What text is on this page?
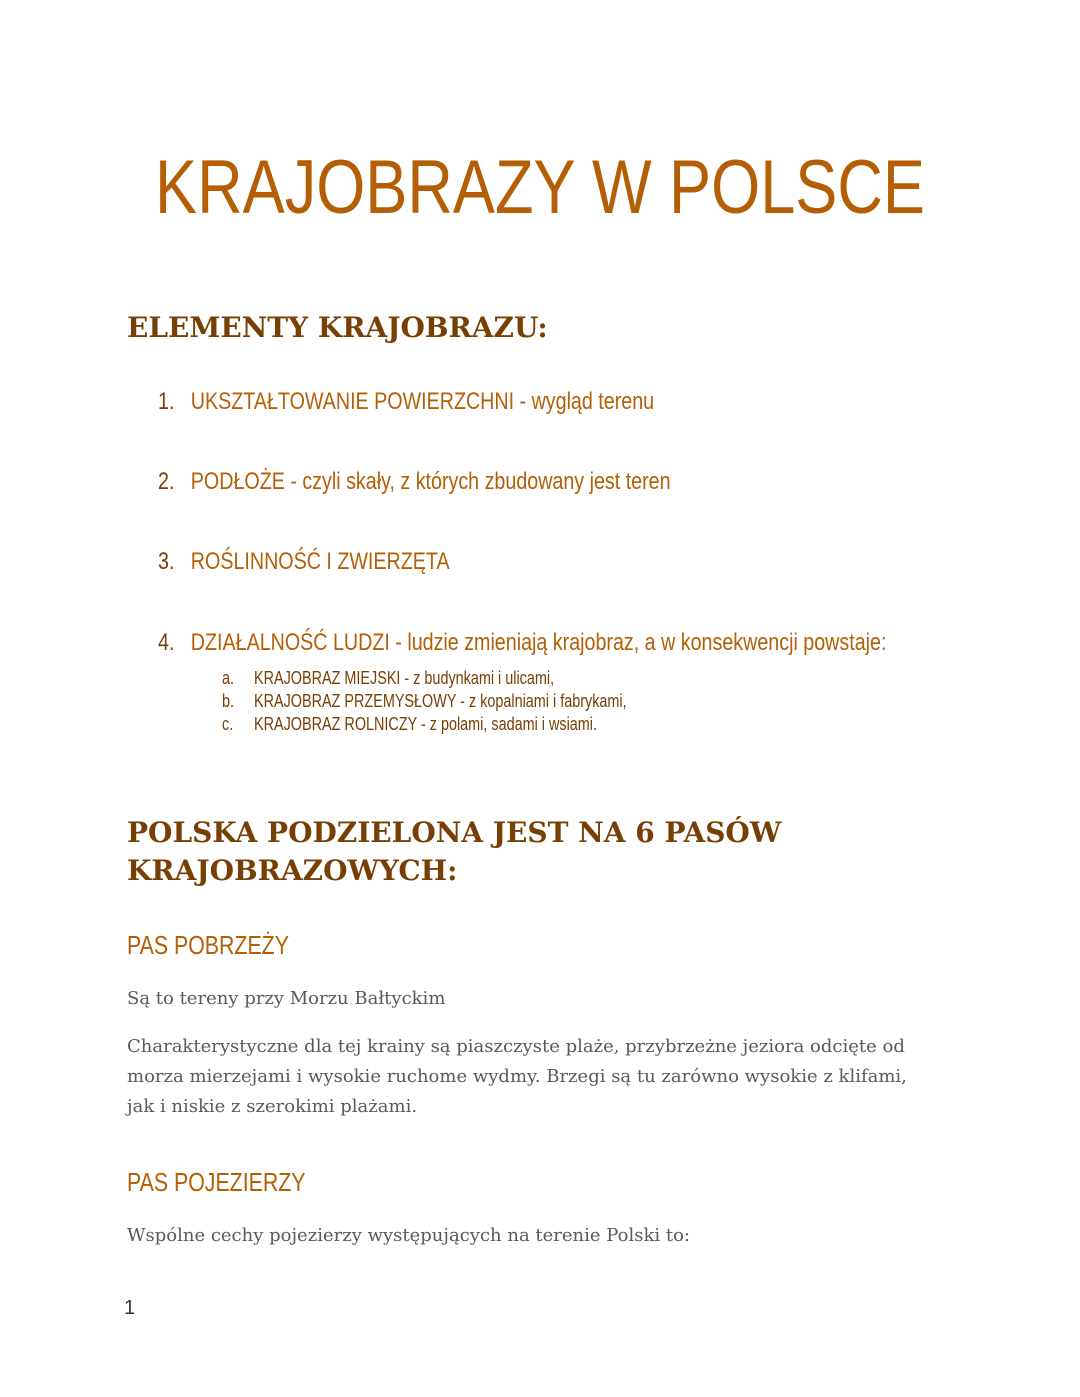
KRAJOBRAZY W POLSCE
ELEMENTY KRAJOBRAZU:
1. UKSZTAŁTOWANIE POWIERZCHNI - wygląd terenu
2. PODŁOŻE - czyli skały, z których zbudowany jest teren
3. ROŚLINNOŚĆ I ZWIERZĘTA
4. DZIAŁALNOŚĆ LUDZI - ludzie zmieniają krajobraz, a w konsekwencji powstaje:
a. KRAJOBRAZ MIEJSKI - z budynkami i ulicami,
b. KRAJOBRAZ PRZEMYSŁOWY - z kopalniami i fabrykami,
c. KRAJOBRAZ ROLNICZY - z polami, sadami i wsiami.
POLSKA PODZIELONA JEST NA 6 PASÓW KRAJOBRAZOWYCH:
PAS POBRZEŻY

Są to tereny przy Morzu Bałtyckim

Charakterystyczne dla tej krainy są piaszczyste plaże, przybrzeżne jeziora odcięte od morza mierzejami i wysokie ruchome wydmy. Brzegi są tu zarówno wysokie z klifami, jak i niskie z szerokimi plażami.

PAS POJEZIERZY

Wspólne cechy pojezierzy występujących na terenie Polski to:

1
